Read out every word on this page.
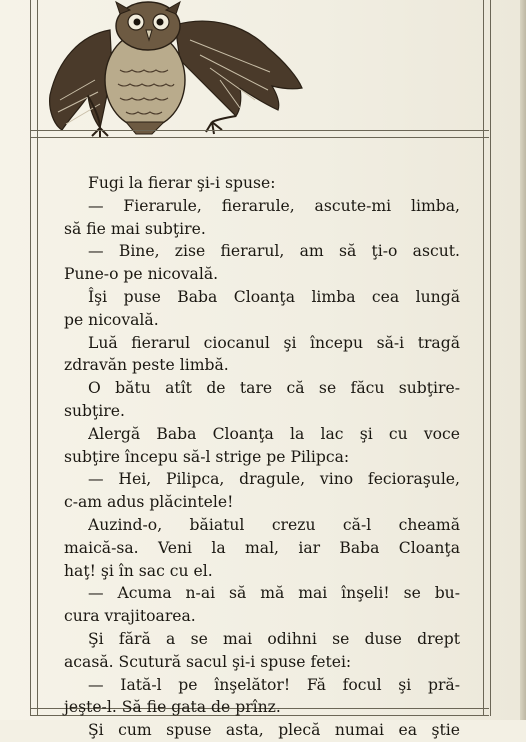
Fugi la fierar şi-i spuse:
— Fierarule, fierarule, ascute-mi limba,
să fie mai subţire.
— Bine, zise fierarul, am să ţi-o ascut.
Pune-o pe nicovală.
Îşi puse Baba Cloanţa limba cea lungă
pe nicovală.
Luă fierarul ciocanul şi începu să-i tragă
zdravăn peste limbă.
O bătu atît de tare că se făcu subţire-
subţire.
Alergă Baba Cloanţa la lac şi cu voce
subţire începu să-l strige pe Pilipca:
— Hei, Pilipca, dragule, vino fecioraşule,
c-am adus plăcintele!
Auzind-o, băiatul crezu că-l cheamă
maică-sa. Veni la mal, iar Baba Cloanţa
haţ! şi în sac cu el.
— Acuma n-ai să mă mai înşeli! se bu-
cura vrajitoarea.
Şi fără a se mai odihni se duse drept
acasă. Scutură sacul şi-i spuse fetei:
— Iată-l pe înşelător! Fă focul şi pră-
jeşte-l. Să fie gata de prînz.
Şi cum spuse asta, plecă numai ea ştie
